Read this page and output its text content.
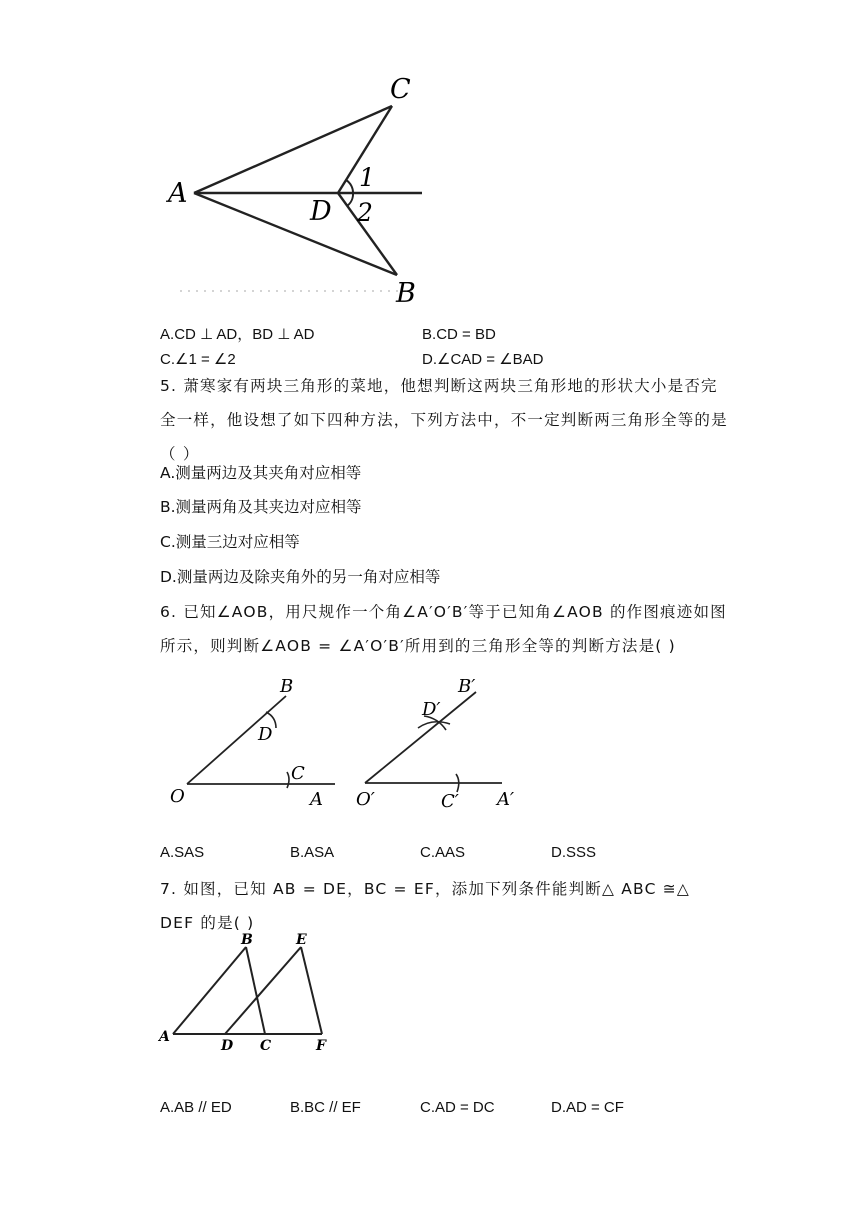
C
A
D
B
1
2
A.CD ⊥ AD，BD ⊥ AD	B.CD = BD
C.∠1 = ∠2	D.∠CAD = ∠BAD
5. 萧寒家有两块三角形的菜地，他想判断这两块三角形地的形状大小是否完全一样，他设想了如下四种方法，下列方法中，不一定判断两三角形全等的是（ ）
A.测量两边及其夹角对应相等
B.测量两角及其夹边对应相等
C.测量三边对应相等
D.测量两边及除夹角外的另一角对应相等
6. 已知∠AOB，用尺规作一个角∠A′O′B′等于已知角∠AOB 的作图痕迹如图所示，则判断∠AOB = ∠A′O′B′所用到的三角形全等的判断方法是( )
O	A
B
C
D
O′	A′
B′
C′
D′
A.SAS	B.ASA	C.AAS	D.SSS
7. 如图，已知 AB = DE，BC = EF，添加下列条件能判断△ ABC ≅△ DEF 的是( )
A
B
C
D
E
F
A.AB // ED	B.BC // EF	C.AD = DC	D.AD = CF
